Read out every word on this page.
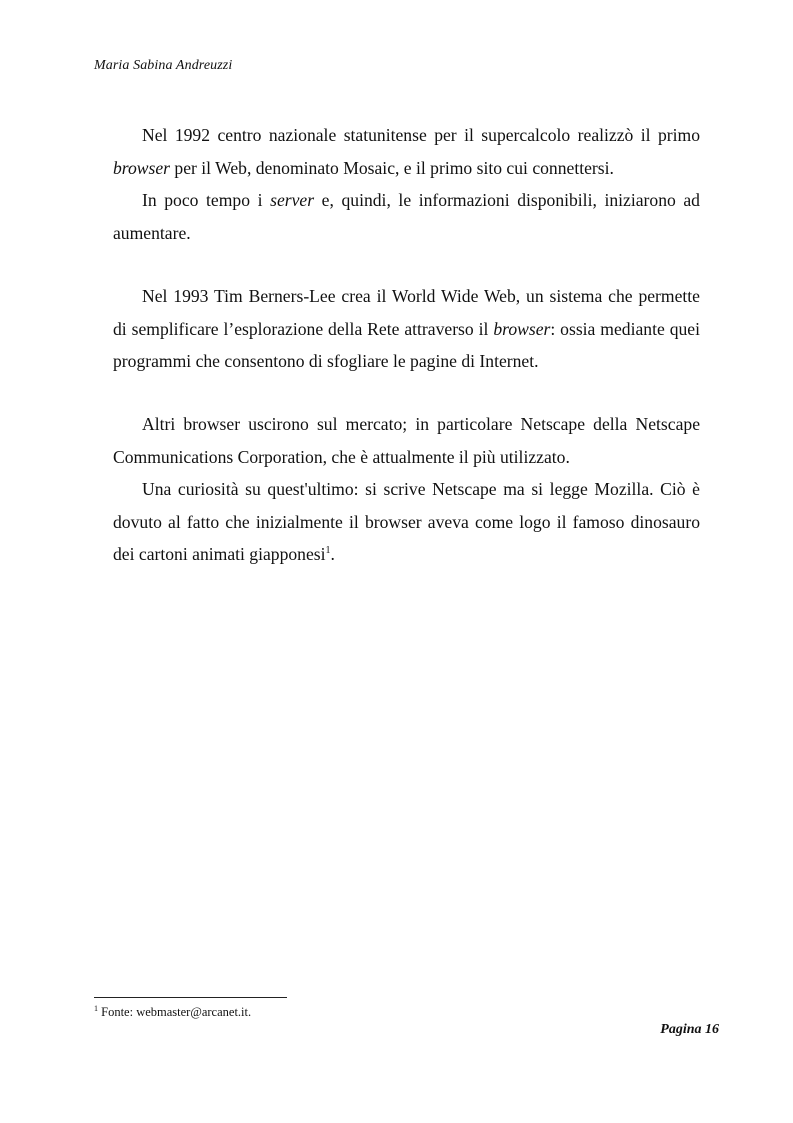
Maria Sabina Andreuzzi

Nel 1992 centro nazionale statunitense per il supercalcolo realizzò il primo browser per il Web, denominato Mosaic, e il primo sito cui connettersi.

In poco tempo i server e, quindi, le informazioni disponibili, iniziarono ad aumentare.

Nel 1993 Tim Berners-Lee crea il World Wide Web, un sistema che permette di semplificare l’esplorazione della Rete attraverso il browser: ossia mediante quei programmi che consentono di sfogliare le pagine di Internet.

Altri browser uscirono sul mercato; in particolare Netscape della Netscape Communications Corporation, che è attualmente il più utilizzato.

Una curiosità su quest'ultimo: si scrive Netscape ma si legge Mozilla. Ciò è dovuto al fatto che inizialmente il browser aveva come logo il famoso dinosauro dei cartoni animati giapponesi$^1$.

$^1$ Fonte: webmaster@arcanet.it.
Pagina 16
